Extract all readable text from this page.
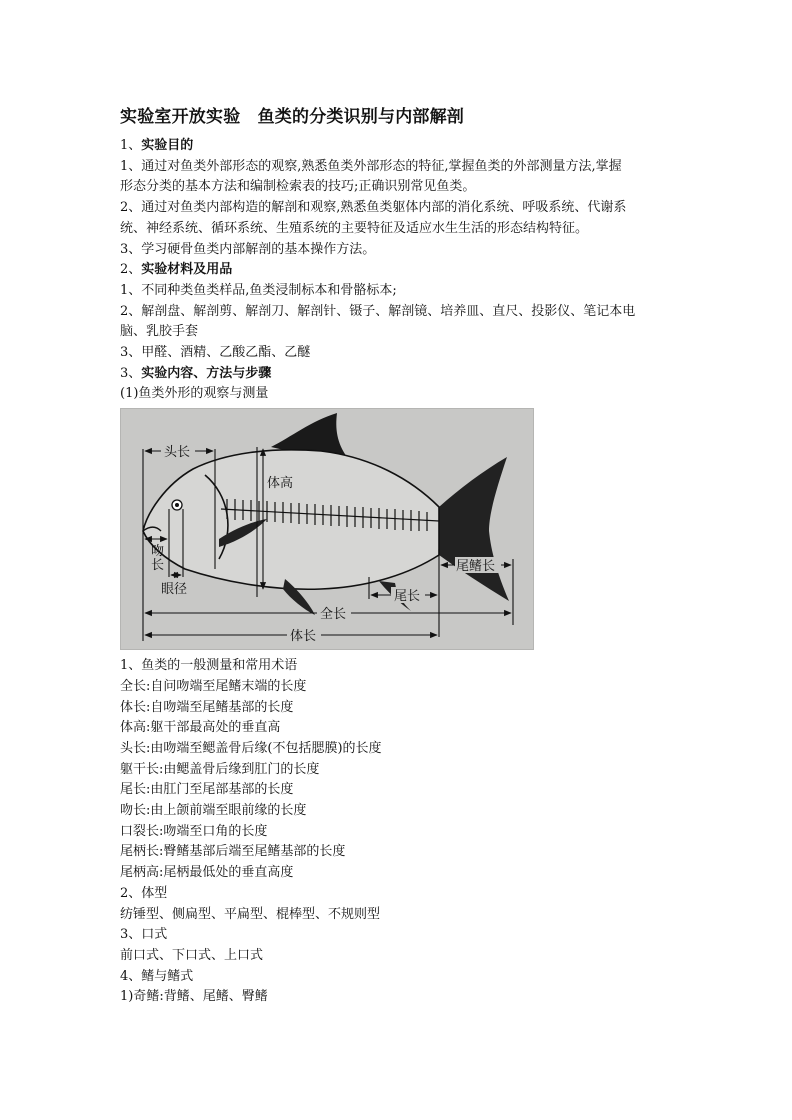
实验室开放实验　鱼类的分类识别与内部解剖
1、实验目的
1、通过对鱼类外部形态的观察,熟悉鱼类外部形态的特征,掌握鱼类的外部测量方法,掌握
形态分类的基本方法和编制检索表的技巧;正确识别常见鱼类。
2、通过对鱼类内部构造的解剖和观察,熟悉鱼类躯体内部的消化系统、呼吸系统、代谢系
统、神经系统、循环系统、生殖系统的主要特征及适应水生生活的形态结构特征。
3、学习硬骨鱼类内部解剖的基本操作方法。
2、实验材料及用品
1、不同种类鱼类样品,鱼类浸制标本和骨骼标本;
2、解剖盘、解剖剪、解剖刀、解剖针、镊子、解剖镜、培养皿、直尺、投影仪、笔记本电
脑、乳胶手套
3、甲醛、酒精、乙酸乙酯、乙醚
3、实验内容、方法与步骤
(1)鱼类外形的观察与测量
头长
体高
吻
长
眼径
尾鳍长
尾长
全长
体长
1、鱼类的一般测量和常用术语
全长:自问吻端至尾鳍末端的长度
体长:自吻端至尾鳍基部的长度
体高:躯干部最高处的垂直高
头长:由吻端至鳃盖骨后缘(不包括腮膜)的长度
躯干长:由鳃盖骨后缘到肛门的长度
尾长:由肛门至尾部基部的长度
吻长:由上颌前端至眼前缘的长度
口裂长:吻端至口角的长度
尾柄长:臀鳍基部后端至尾鳍基部的长度
尾柄高:尾柄最低处的垂直高度
2、体型
纺锤型、侧扁型、平扁型、棍棒型、不规则型
3、口式
前口式、下口式、上口式
4、鳍与鳍式
1)奇鳍:背鳍、尾鳍、臀鳍
